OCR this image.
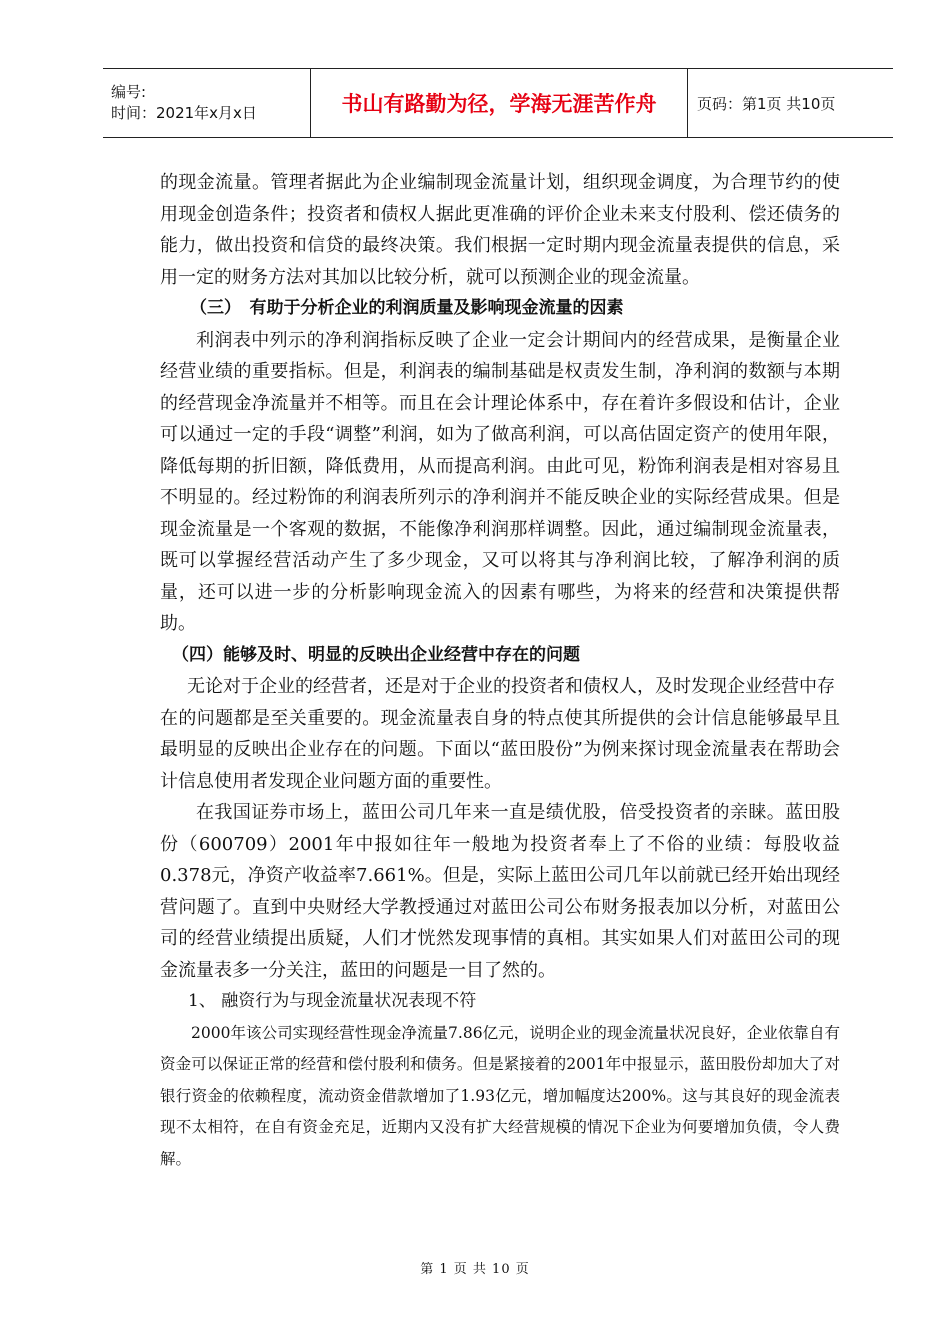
编号:
时间：2021年x月x日	书山有路勤为径，学海无涯苦作舟	页码：第1页 共10页

的现金流量。管理者据此为企业编制现金流量计划，组织现金调度，为合理节约的使用现金创造条件；投资者和债权人据此更准确的评价企业未来支付股利、偿还债务的能力，做出投资和信贷的最终决策。我们根据一定时期内现金流量表提供的信息，采用一定的财务方法对其加以比较分析，就可以预测企业的现金流量。

（三）　有助于分析企业的利润质量及影响现金流量的因素

利润表中列示的净利润指标反映了企业一定会计期间内的经营成果，是衡量企业经营业绩的重要指标。但是，利润表的编制基础是权责发生制，净利润的数额与本期的经营现金净流量并不相等。而且在会计理论体系中，存在着许多假设和估计，企业可以通过一定的手段“调整”利润，如为了做高利润，可以高估固定资产的使用年限，降低每期的折旧额，降低费用，从而提高利润。由此可见，粉饰利润表是相对容易且不明显的。经过粉饰的利润表所列示的净利润并不能反映企业的实际经营成果。但是现金流量是一个客观的数据，不能像净利润那样调整。因此，通过编制现金流量表，既可以掌握经营活动产生了多少现金，又可以将其与净利润比较，了解净利润的质量，还可以进一步的分析影响现金流入的因素有哪些，为将来的经营和决策提供帮助。

（四）能够及时、明显的反映出企业经营中存在的问题

无论对于企业的经营者，还是对于企业的投资者和债权人，及时发现企业经营中存

在的问题都是至关重要的。现金流量表自身的特点使其所提供的会计信息能够最早且最明显的反映出企业存在的问题。下面以“蓝田股份”为例来探讨现金流量表在帮助会计信息使用者发现企业问题方面的重要性。

在我国证券市场上，蓝田公司几年来一直是绩优股，倍受投资者的亲睐。蓝田股份（600709）2001年中报如往年一般地为投资者奉上了不俗的业绩：每股收益0.378元，净资产收益率7.661%。但是，实际上蓝田公司几年以前就已经开始出现经营问题了。直到中央财经大学教授通过对蓝田公司公布财务报表加以分析，对蓝田公司的经营业绩提出质疑，人们才恍然发现事情的真相。其实如果人们对蓝田公司的现金流量表多一分关注，蓝田的问题是一目了然的。

1、 融资行为与现金流量状况表现不符

2000年该公司实现经营性现金净流量7.86亿元，说明企业的现金流量状况良好，企业依靠自有资金可以保证正常的经营和偿付股利和债务。但是紧接着的2001年中报显示，蓝田股份却加大了对银行资金的依赖程度，流动资金借款增加了1.93亿元，增加幅度达200%。这与其良好的现金流表现不太相符，在自有资金充足，近期内又没有扩大经营规模的情况下企业为何要增加负债，令人费解。

第 1 页 共 10 页
